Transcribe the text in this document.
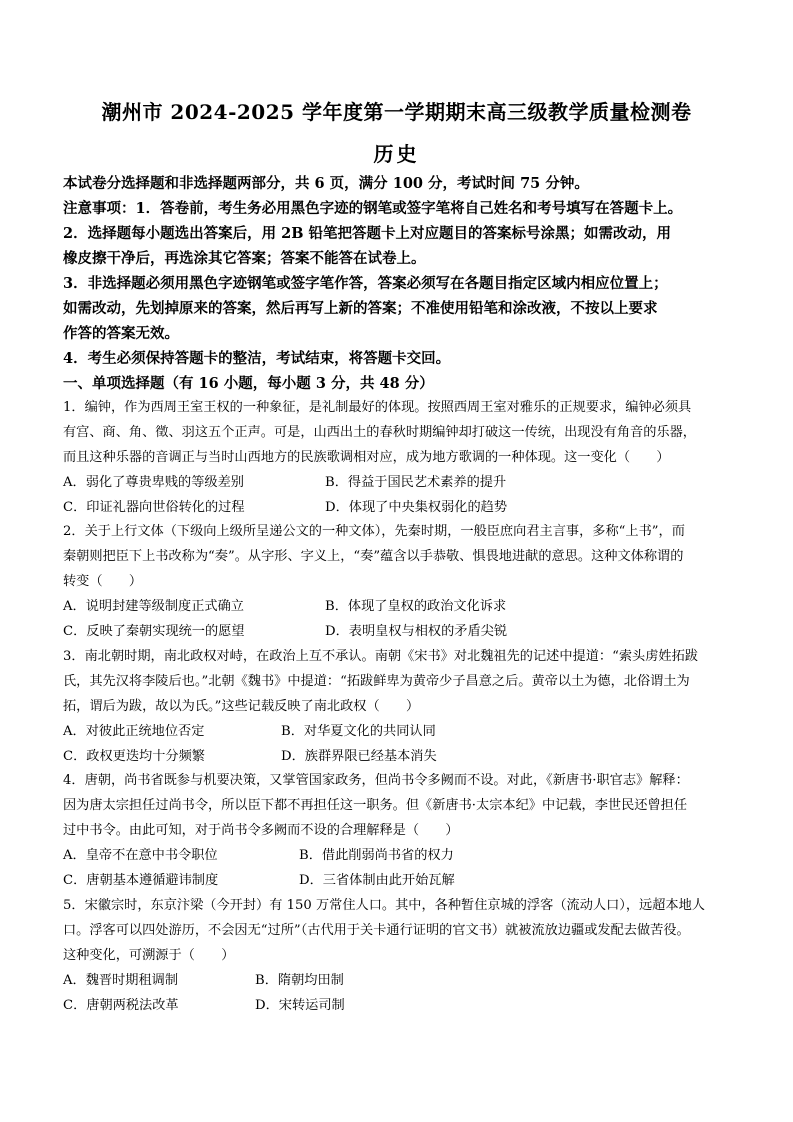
潮州市 2024-2025 学年度第一学期期末高三级教学质量检测卷
历史
本试卷分选择题和非选择题两部分，共 6 页，满分 100 分，考试时间 75 分钟。
注意事项：1．答卷前，考生务必用黑色字迹的钢笔或签字笔将自己姓名和考号填写在答题卡上。
2．选择题每小题选出答案后，用 2B 铅笔把答题卡上对应题目的答案标号涂黑；如需改动，用
橡皮擦干净后，再选涂其它答案；答案不能答在试卷上。
3．非选择题必须用黑色字迹钢笔或签字笔作答，答案必须写在各题目指定区域内相应位置上；
如需改动，先划掉原来的答案，然后再写上新的答案；不准使用铅笔和涂改液，不按以上要求
作答的答案无效。
4．考生必须保持答题卡的整洁，考试结束，将答题卡交回。
一、单项选择题（有 16 小题，每小题 3 分，共 48 分）
1．编钟，作为西周王室王权的一种象征，是礼制最好的体现。按照西周王室对雅乐的正规要求，编钟必须具
有宫、商、角、徵、羽这五个正声。可是，山西出土的春秋时期编钟却打破这一传统，出现没有角音的乐器，
而且这种乐器的音调正与当时山西地方的民族歌调相对应，成为地方歌调的一种体现。这一变化（　　）
A．弱化了尊贵卑贱的等级差别	B．得益于国民艺术素养的提升
C．印证礼器向世俗转化的过程	D．体现了中央集权弱化的趋势
2．关于上行文体（下级向上级所呈递公文的一种文体），先秦时期，一般臣庶向君主言事，多称“上书”，而
秦朝则把臣下上书改称为“奏”。从字形、字义上，“奏”蕴含以手恭敬、惧畏地进献的意思。这种文体称谓的
转变（　　）
A．说明封建等级制度正式确立	B．体现了皇权的政治文化诉求
C．反映了秦朝实现统一的愿望	D．表明皇权与相权的矛盾尖锐
3．南北朝时期，南北政权对峙，在政治上互不承认。南朝《宋书》对北魏祖先的记述中提道：“索头虏姓拓跋
氏，其先汉将李陵后也。”北朝《魏书》中提道：“拓跋鲜卑为黄帝少子昌意之后。黄帝以土为德，北俗谓土为
拓，谓后为跋，故以为氏。”这些记载反映了南北政权（　　）
A．对彼此正统地位否定	B．对华夏文化的共同认同
C．政权更迭均十分频繁	D．族群界限已经基本消失
4．唐朝，尚书省既参与机要决策，又掌管国家政务，但尚书令多阙而不设。对此，《新唐书·职官志》解释：
因为唐太宗担任过尚书令，所以臣下都不再担任这一职务。但《新唐书·太宗本纪》中记载，李世民还曾担任
过中书令。由此可知，对于尚书令多阙而不设的合理解释是（　　）
A．皇帝不在意中书令职位	B．借此削弱尚书省的权力
C．唐朝基本遵循避讳制度	D．三省体制由此开始瓦解
5．宋徽宗时，东京汴梁（今开封）有 150 万常住人口。其中，各种暂住京城的浮客（流动人口），远超本地人
口。浮客可以四处游历，不会因无“过所”（古代用于关卡通行证明的官文书）就被流放边疆或发配去做苦役。
这种变化，可溯源于（　　）
A．魏晋时期租调制	B．隋朝均田制
C．唐朝两税法改革	D．宋转运司制
